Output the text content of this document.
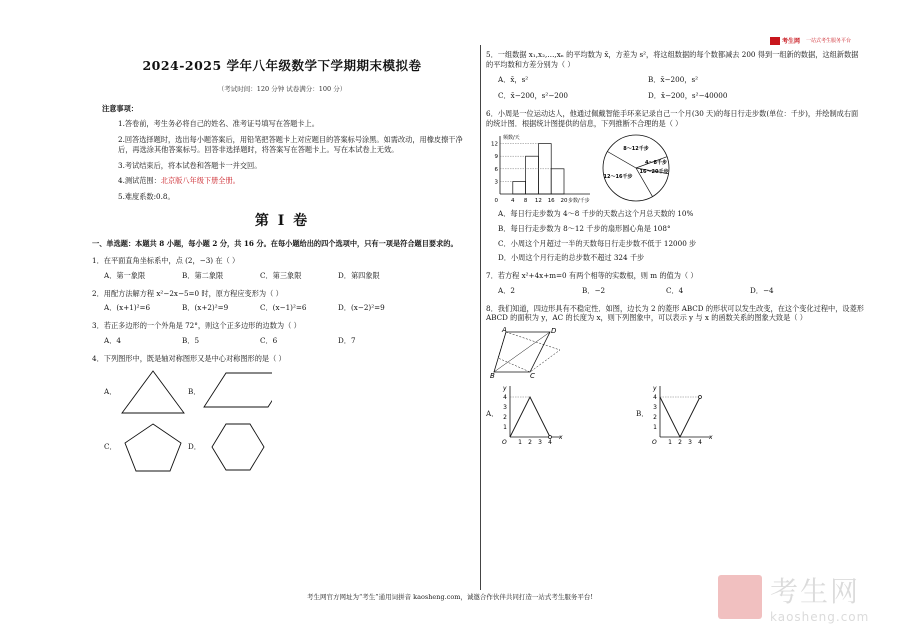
考生网 一站式考生服务平台
2024-2025 学年八年级数学下学期期末模拟卷
（考试时间：120 分钟 试卷满分：100 分）
注意事项：
1.答卷前，考生务必将自己的姓名、准考证号填写在答题卡上。
2.回答选择题时，选出每小题答案后，用铅笔把答题卡上对应题目的答案标号涂黑。如需改动，用橡皮擦干净后，再选涂其他答案标号。回答非选择题时，将答案写在答题卡上。写在本试卷上无效。
3.考试结束后，将本试卷和答题卡一并交回。
4.测试范围：北京版八年级下册全册。
5.难度系数:0.8。
第 I 卷
一、单选题：本题共 8 小题，每小题 2 分，共 16 分。在每小题给出的四个选项中，只有一项是符合题目要求的。
1．在平面直角坐标系中，点 (2，−3) 在（ ）
A．第一象限	B．第二象限	C．第三象限	D．第四象限
2．用配方法解方程 x²−2x−5=0 时，原方程应变形为（ ）
A．(x+1)²=6	B．(x+2)²=9	C．(x−1)²=6	D．(x−2)²=9
3．若正多边形的一个外角是 72°，则这个正多边形的边数为（ ）
A．4	B．5	C．6	D．7
4．下列图形中，既是轴对称图形又是中心对称图形的是（ ）
A．	B．
C．	D．
5．一组数据 x₁,x₂,…,xₙ 的平均数为 x̄，方差为 s²，将这组数据的每个数都减去 200 得到一组新的数据，这组新数据的平均数和方差分别为（ ）
A．x̄，s²	B．x̄−200，s²
C．x̄−200，s²−200	D．x̄−200，s²−40000
6．小周是一位运动达人，他通过佩戴智能手环来记录自己一个月(30 天)的每日行走步数(单位：千步)，并绘制成右面的统计图．根据统计图提供的信息，下列推断不合理的是（ ）
频数/天
步数/千步
3
6
9
12
4 8 12 16 20
0
8～12千步
4～8千步
16～20千步
12～16千步
A．每日行走步数为 4～8 千步的天数占这个月总天数的 10%
B．每日行走步数为 8～12 千步的扇形圆心角是 108°
C．小周这个月超过一半的天数每日行走步数不低于 12000 步
D．小周这个月行走的总步数不超过 324 千步
7．若方程 x²+4x+m=0 有两个相等的实数根，则 m 的值为（ ）
A．2	B．−2	C．4	D．−4
8．我们知道，四边形具有不稳定性．如图，边长为 2 的菱形 ABCD 的形状可以发生改变，在这个变化过程中，设菱形 ABCD 的面积为 y，AC 的长度为 x，则下列图象中，可以表示 y 与 x 的函数关系的图象大致是（ ）
A	D
B	C
A．
y
x
O
1
2
3
4
1 2 3 4
B．
y
x
O
1
2
3
4
1 2 3 4
考生网
kaosheng.com
考生网官方网址为“考生”通用词拼音 kaosheng.com，诚邀合作伙伴共同打造一站式考生服务平台!
